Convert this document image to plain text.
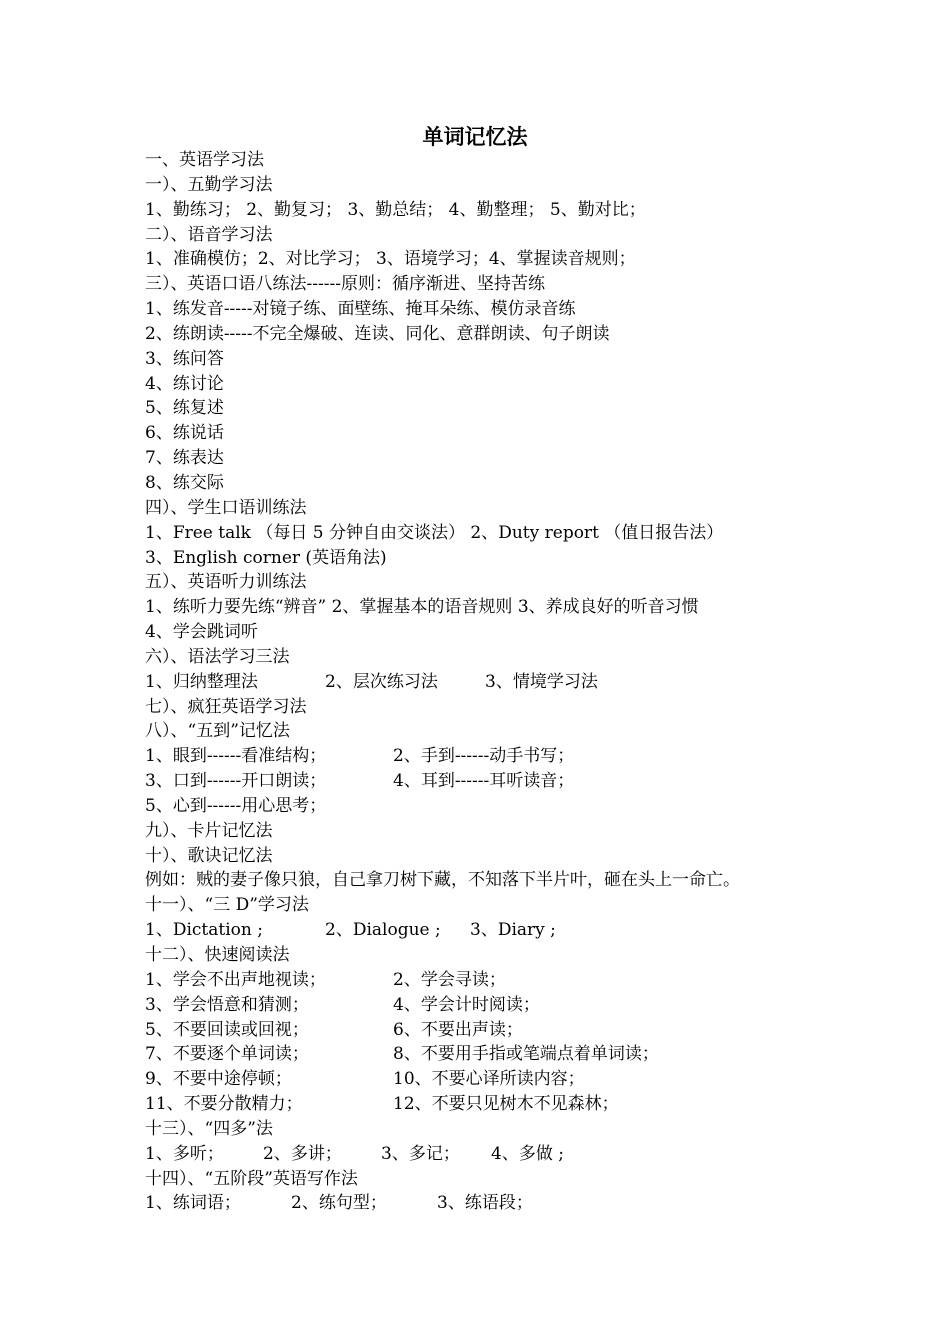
单词记忆法
一、英语学习法
一）、五勤学习法
1、勤练习； 2、勤复习； 3、勤总结； 4、勤整理； 5、勤对比；
二）、语音学习法
1、准确模仿；2、对比学习； 3、语境学习；4、掌握读音规则；
三）、英语口语八练法------原则：循序渐进、坚持苦练
1、练发音-----对镜子练、面壁练、掩耳朵练、模仿录音练
2、练朗读-----不完全爆破、连读、同化、意群朗读、句子朗读
3、练问答
4、练讨论
5、练复述
6、练说话
7、练表达
8、练交际
四）、学生口语训练法
1、Free talk （每日 5 分钟自由交谈法） 2、Duty report （值日报告法）
3、English corner (英语角法)
五）、英语听力训练法
1、练听力要先练“辨音” 2、掌握基本的语音规则 3、养成良好的听音习惯
4、学会跳词听
六）、语法学习三法
1、归纳整理法	2、层次练习法	3、情境学习法
七）、疯狂英语学习法
八）、“五到”记忆法
1、眼到------看准结构；	2、手到------动手书写；
3、口到------开口朗读；	4、耳到------耳听读音；
5、心到------用心思考；
九）、卡片记忆法
十）、歌诀记忆法
例如：贼的妻子像只狼，自己拿刀树下藏，不知落下半片叶，砸在头上一命亡。
十一）、“三 D”学习法
1、Dictation ;	2、Dialogue ; 3、Diary ;
十二）、快速阅读法
1、学会不出声地视读；	2、学会寻读；
3、学会悟意和猜测；	4、学会计时阅读；
5、不要回读或回视；	6、不要出声读；
7、不要逐个单词读；	8、不要用手指或笔端点着单词读；
9、不要中途停顿；	10、不要心译所读内容；
11、不要分散精力；	12、不要只见树木不见森林；
十三）、“四多”法
1、多听； 2、多讲； 3、多记； 4、多做 ;
十四）、“五阶段”英语写作法
1、练词语；	2、练句型；	3、练语段；
